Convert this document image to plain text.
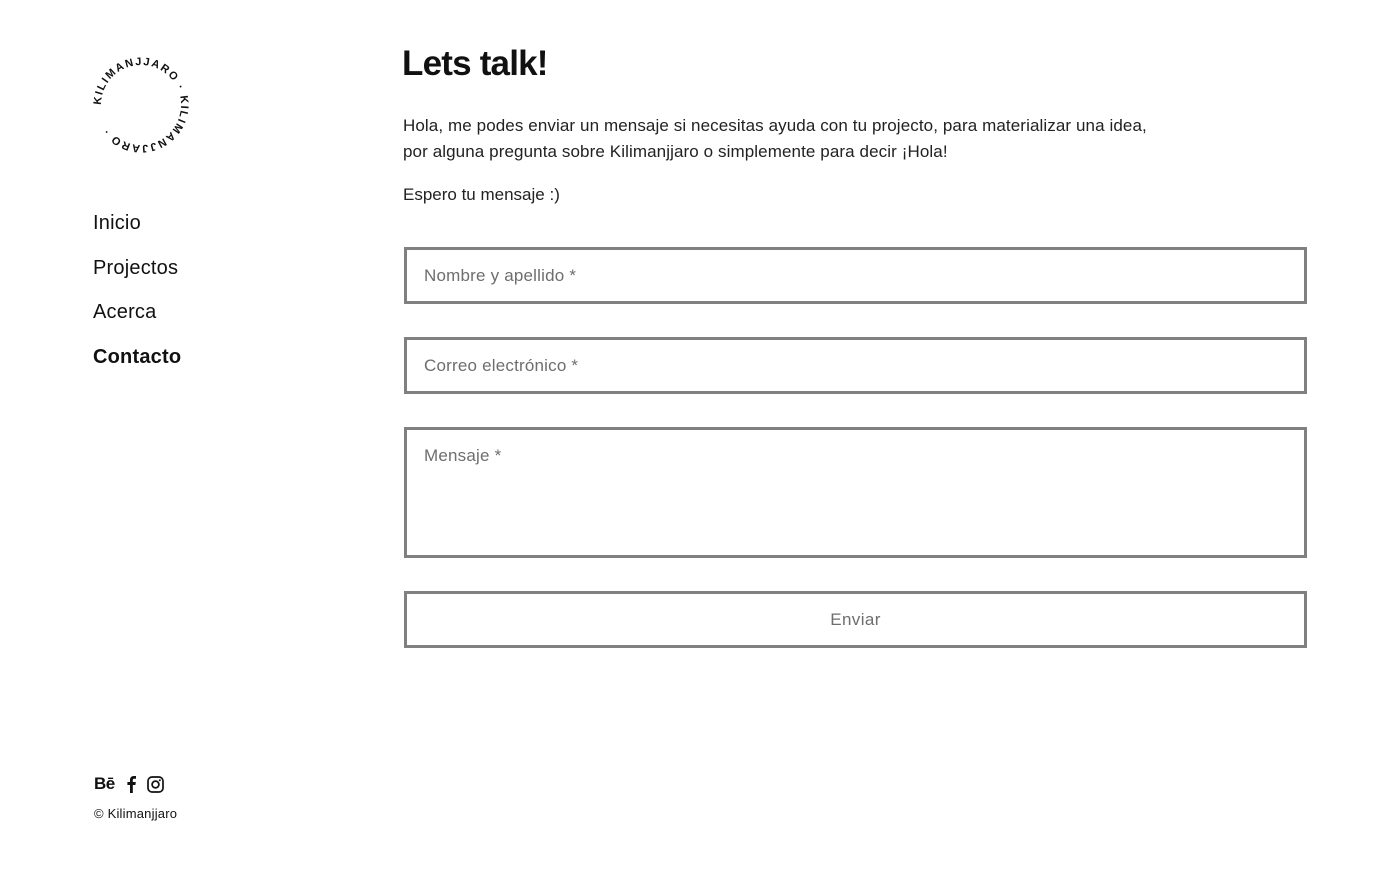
KILIMANJJARO · KILIMANJJARO ·
Inicio
Projectos
Acerca
Contacto
Bē
© Kilimanjjaro
Lets talk!

Hola, me podes enviar un mensaje si necesitas ayuda con tu projecto, para materializar una idea,
por alguna pregunta sobre Kilimanjjaro o simplemente para decir ¡Hola!

Espero tu mensaje :)

Nombre y apellido *
Correo electrónico *
Mensaje *
Enviar
